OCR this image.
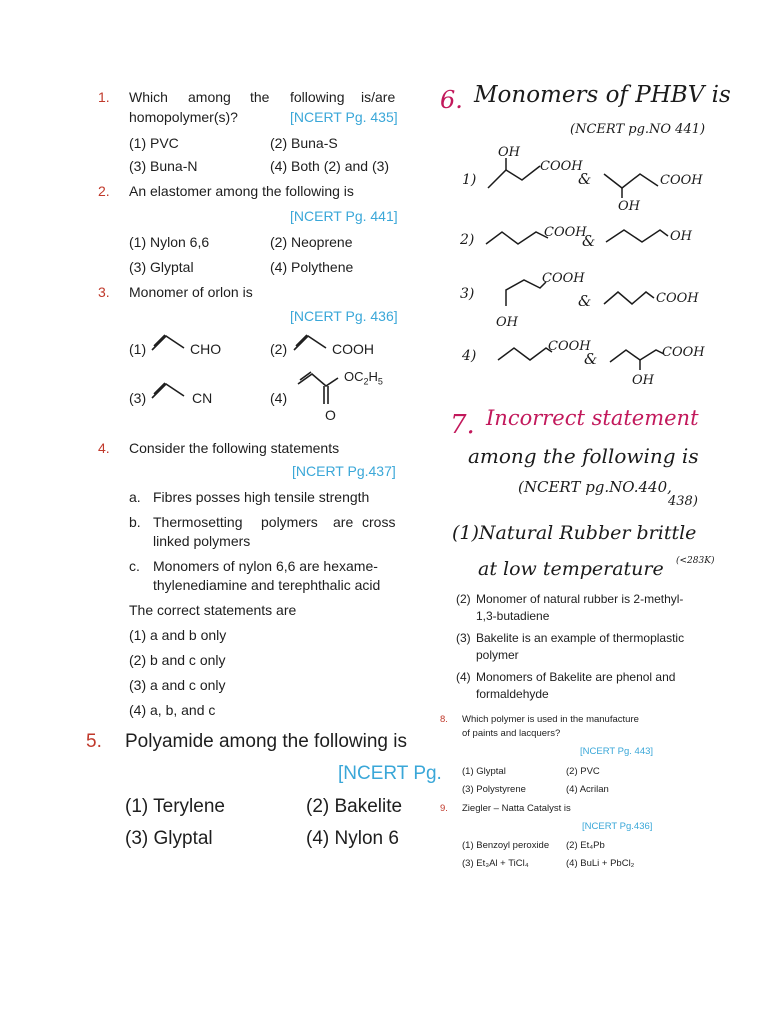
1. Which among the following is/are
homopolymer(s)?	[NCERT Pg. 435]
(1) PVC	(2) Buna-S
(3) Buna-N	(4) Both (2) and (3)
2. An elastomer among the following is
[NCERT Pg. 441]
(1) Nylon 6,6	(2) Neoprene
(3) Glyptal	(4) Polythene
3. Monomer of orlon is
[NCERT Pg. 436]
(1)	CHO	(2)	COOH
(3)	CN	(4)
$OC_2H_5$
O
4. Consider the following statements
[NCERT Pg.437]
a. Fibres posses high tensile strength
b. Thermosetting polymers are cross
linked polymers
c. Monomers of nylon 6,6 are hexame-
thylenediamine and terephthalic acid
The correct statements are
(1) a and b only
(2) b and c only
(3) a and c only
(4) a, b, and c
5. Polyamide among the following is
[NCERT Pg.
(1) Terylene	(2) Bakelite
(3) Glyptal	(4) Nylon 6
6. Monomers of PHBV is
(NCERT pg.NO 441)
1)
OH
COOH
&
OH
COOH
2)	COOH
&	OH
3)
COOH
OH
&	COOH
4)
COOH
&	COOH
OH
7. Incorrect statement
among the following is
(NCERT pg.NO.440,
438)
(1)Natural Rubber brittle
at low temperature (<283K)
(2) Monomer of natural rubber is 2-methyl-
1,3-butadiene
(3) Bakelite is an example of thermoplastic
polymer
(4) Monomers of Bakelite are phenol and
formaldehyde
8. Which polymer is used in the manufacture
of paints and lacquers?
[NCERT Pg. 443]
(1) Glyptal	(2) PVC
(3) Polystyrene	(4) Acrilan
9. Ziegler – Natta Catalyst is
[NCERT Pg.436]
(1) Benzoyl peroxide (2) Et₄Pb
(3) Et₃Al + TiCl₄	(4) BuLi + PbCl₂
